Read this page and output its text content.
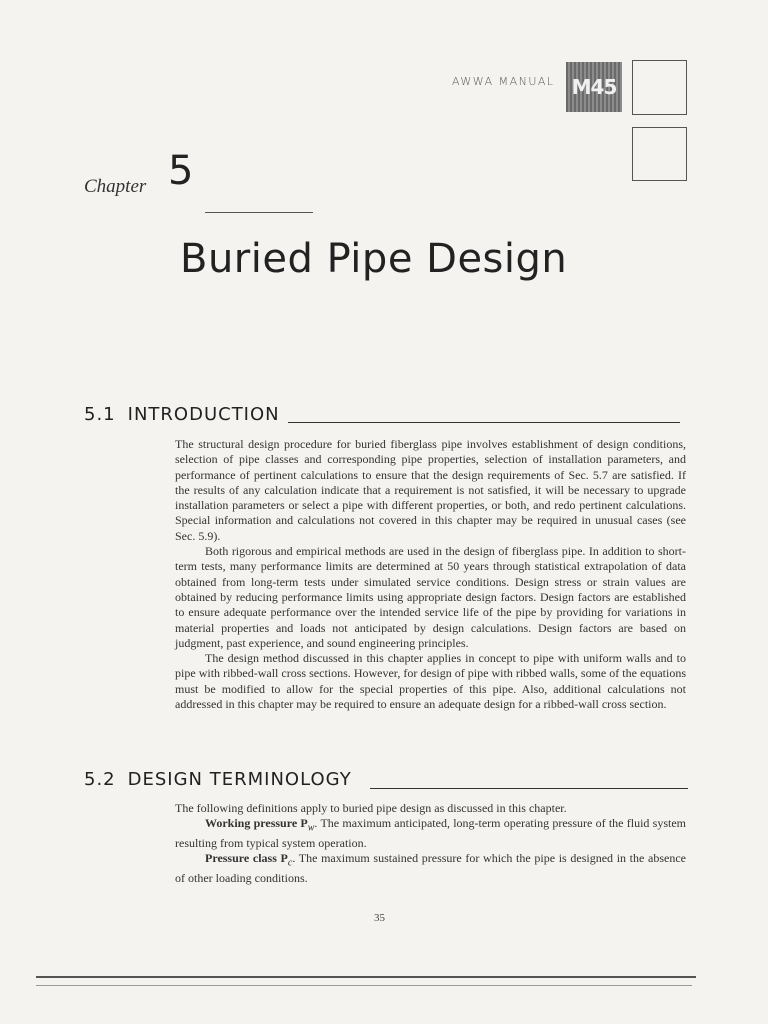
AWWA MANUAL M45
Chapter 5
Buried Pipe Design
5.1 INTRODUCTION

The structural design procedure for buried fiberglass pipe involves establishment of design conditions, selection of pipe classes and corresponding pipe properties, selection of installation parameters, and performance of pertinent calculations to ensure that the design requirements of Sec. 5.7 are satisfied. If the results of any calculation indicate that a requirement is not satisfied, it will be necessary to upgrade installation parameters or select a pipe with different properties, or both, and redo pertinent calculations. Special information and calculations not covered in this chapter may be required in unusual cases (see Sec. 5.9).

Both rigorous and empirical methods are used in the design of fiberglass pipe. In addition to short-term tests, many performance limits are determined at 50 years through statistical extrapolation of data obtained from long-term tests under simulated service conditions. Design stress or strain values are obtained by reducing performance limits using appropriate design factors. Design factors are established to ensure adequate performance over the intended service life of the pipe by providing for variations in material properties and loads not anticipated by design calculations. Design factors are based on judgment, past experience, and sound engineering principles.

The design method discussed in this chapter applies in concept to pipe with uniform walls and to pipe with ribbed-wall cross sections. However, for design of pipe with ribbed walls, some of the equations must be modified to allow for the special properties of this pipe. Also, additional calculations not addressed in this chapter may be required to ensure an adequate design for a ribbed-wall cross section.

5.2 DESIGN TERMINOLOGY

The following definitions apply to buried pipe design as discussed in this chapter.

Working pressure $P_w$. The maximum anticipated, long-term operating pressure of the fluid system resulting from typical system operation.

Pressure class $P_c$. The maximum sustained pressure for which the pipe is designed in the absence of other loading conditions.

35
